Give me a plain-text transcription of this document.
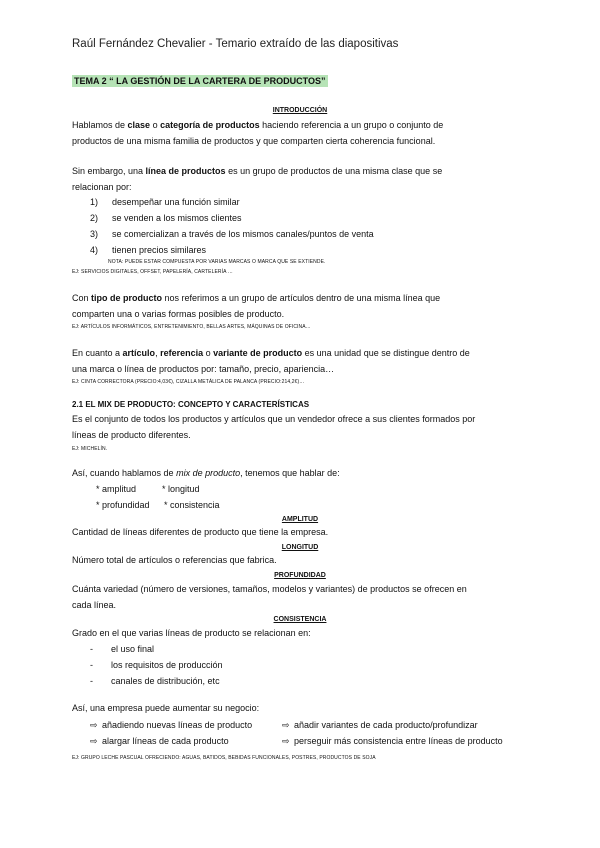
Raúl Fernández Chevalier - Temario extraído de las diapositivas
TEMA 2 “ LA GESTIÓN DE LA CARTERA DE PRODUCTOS”
INTRODUCCIÓN
Hablamos de clase o categoría de productos haciendo referencia a un grupo o conjunto de
productos de una misma familia de productos y que comparten cierta coherencia funcional.
Sin embargo, una línea de productos es un grupo de productos de una misma clase que se
relacionan por:
1) desempeñar una función similar
2) se venden a los mismos clientes
3) se comercializan a través de los mismos canales/puntos de venta
4) tienen precios similares
NOTA: PUEDE ESTAR COMPUESTA POR VARIAS MARCAS O MARCA QUE SE EXTIENDE.
EJ: SERVICIOS DIGITALES, OFFSET, PAPELERÍA, CARTELERÍA …
Con tipo de producto nos referimos a un grupo de artículos dentro de una misma línea que
comparten una o varias formas posibles de producto.
EJ: ARTÍCULOS INFORMÁTICOS, ENTRETENIMIENTO, BELLAS ARTES, MÁQUINAS DE OFICINA…
En cuanto a artículo, referencia o variante de producto es una unidad que se distingue dentro de
una marca o línea de productos por: tamaño, precio, apariencia…
EJ: CINTA CORRECTORA (PRECIO:4,03€), CIZALLA METÁLICA DE PALANCA (PRECIO:214,2€)…
2.1 EL MIX DE PRODUCTO: CONCEPTO Y CARACTERÍSTICAS
Es el conjunto de todos los productos y artículos que un vendedor ofrece a sus clientes formados por
líneas de producto diferentes.
EJ: MICHELÍN.
Así, cuando hablamos de mix de producto, tenemos que hablar de:
* amplitud	* longitud
* profundidad * consistencia
AMPLITUD
Cantidad de líneas diferentes de producto que tiene la empresa.
LONGITUD
Número total de artículos o referencias que fabrica.
PROFUNDIDAD
Cuánta variedad (número de versiones, tamaños, modelos y variantes) de productos se ofrecen en
cada línea.
CONSISTENCIA
Grado en el que varias líneas de producto se relacionan en:
- el uso final
- los requisitos de producción
- canales de distribución, etc
Así, una empresa puede aumentar su negocio:
⇨ añadiendo nuevas líneas de producto	⇨ añadir variantes de cada producto/profundizar
⇨ alargar líneas de cada producto	⇨ perseguir más consistencia entre líneas de producto
EJ: GRUPO LECHE PASCUAL OFRECIENDO: AGUAS, BATIDOS, BEBIDAS FUNCIONALES, POSTRES, PRODUCTOS DE SOJA
